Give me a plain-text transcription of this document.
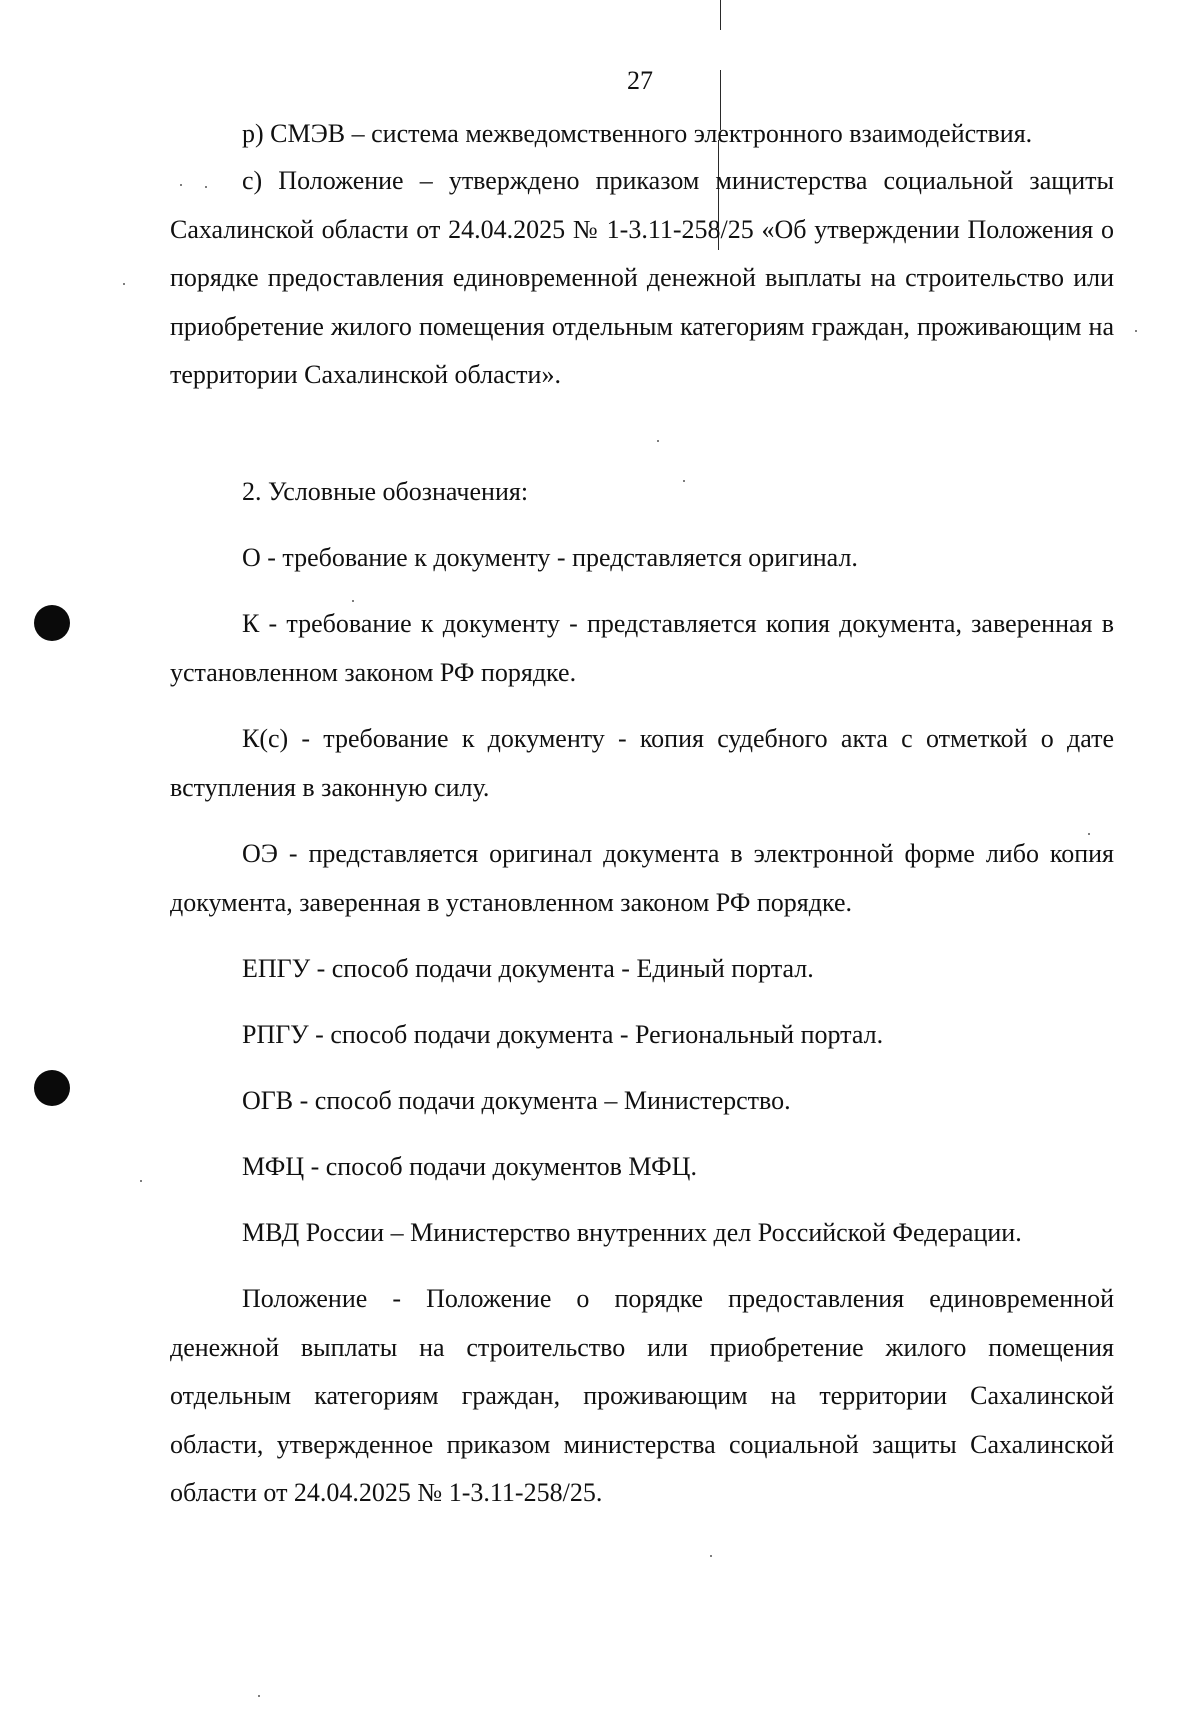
27

р) СМЭВ – система межведомственного электронного взаимодействия.

с) Положение – утверждено приказом министерства социальной защиты Сахалинской области от 24.04.2025 № 1-3.11-258/25 «Об утверждении Положения о порядке предоставления единовременной денежной выплаты на строительство или приобретение жилого помещения отдельным категориям граждан, проживающим на территории Сахалинской области».

2. Условные обозначения:

О - требование к документу - представляется оригинал.

К - требование к документу - представляется копия документа, заверенная в установленном законом РФ порядке.

К(с) - требование к документу - копия судебного акта с отметкой о дате вступления в законную силу.

ОЭ - представляется оригинал документа в электронной форме либо копия документа, заверенная в установленном законом РФ порядке.

ЕПГУ - способ подачи документа - Единый портал.

РПГУ - способ подачи документа - Региональный портал.

ОГВ - способ подачи документа – Министерство.

МФЦ - способ подачи документов МФЦ.

МВД России – Министерство внутренних дел Российской Федерации.

Положение - Положение о порядке предоставления единовременной денежной выплаты на строительство или приобретение жилого помещения отдельным категориям граждан, проживающим на территории Сахалинской области, утвержденное приказом министерства социальной защиты Сахалинской области от 24.04.2025 № 1-3.11-258/25.
